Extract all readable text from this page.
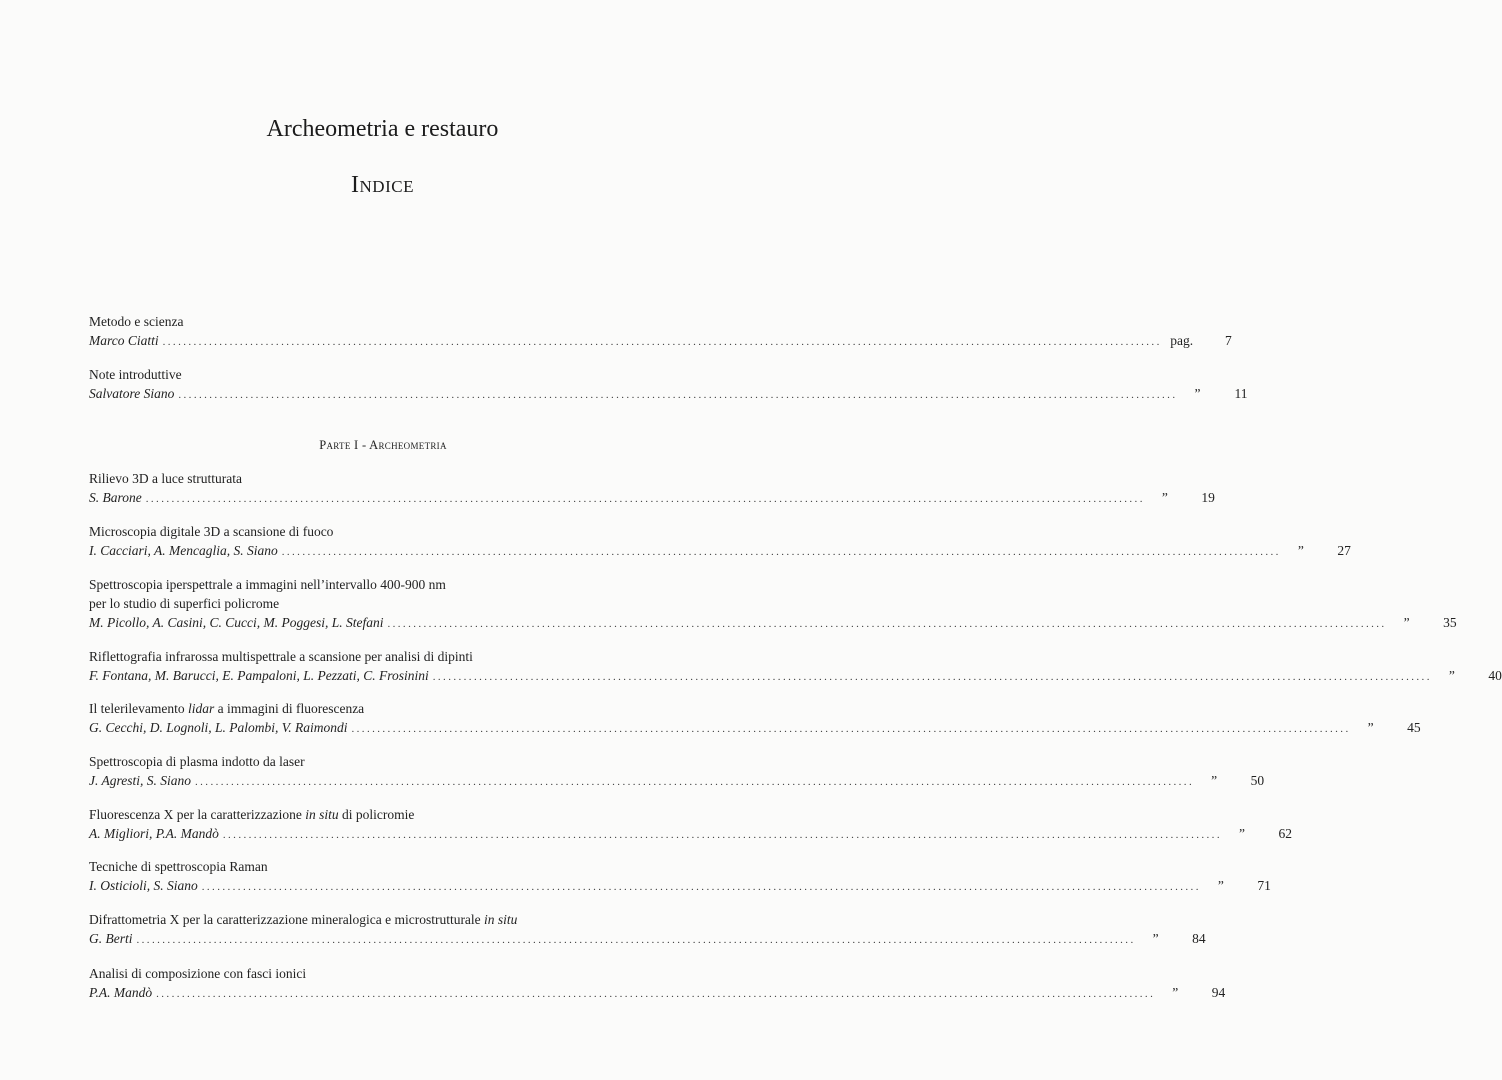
Archeometria e restauro
Indice
Metodo e scienza
Marco Ciatti .................................................................................................................................................................................................. pag.	7
Note introduttive
Salvatore Siano ..................................................................................................................................................................................................	”	11
Parte I - Archeometria
Rilievo 3D a luce strutturata
S. Barone ..................................................................................................................................................................................................	”	19
Microscopia digitale 3D a scansione di fuoco
I. Cacciari, A. Mencaglia, S. Siano ..................................................................................................................................................................................................	”	27
Spettroscopia iperspettrale a immagini nell’intervallo 400-900 nm
per lo studio di superfici policrome
M. Picollo, A. Casini, C. Cucci, M. Poggesi, L. Stefani ..................................................................................................................................................................................................	”	35
Riflettografia infrarossa multispettrale a scansione per analisi di dipinti
F. Fontana, M. Barucci, E. Pampaloni, L. Pezzati, C. Frosinini ..................................................................................................................................................................................................	”	40
Il telerilevamento lidar a immagini di fluorescenza
G. Cecchi, D. Lognoli, L. Palombi, V. Raimondi ..................................................................................................................................................................................................	”	45
Spettroscopia di plasma indotto da laser
J. Agresti, S. Siano ..................................................................................................................................................................................................	”	50
Fluorescenza X per la caratterizzazione in situ di policromie
A. Migliori, P.A. Mandò ..................................................................................................................................................................................................	”	62
Tecniche di spettroscopia Raman
I. Osticioli, S. Siano ..................................................................................................................................................................................................	”	71
Difrattometria X per la caratterizzazione mineralogica e microstrutturale in situ
G. Berti ..................................................................................................................................................................................................	”	84
Analisi di composizione con fasci ionici
P.A. Mandò ..................................................................................................................................................................................................	”	94
